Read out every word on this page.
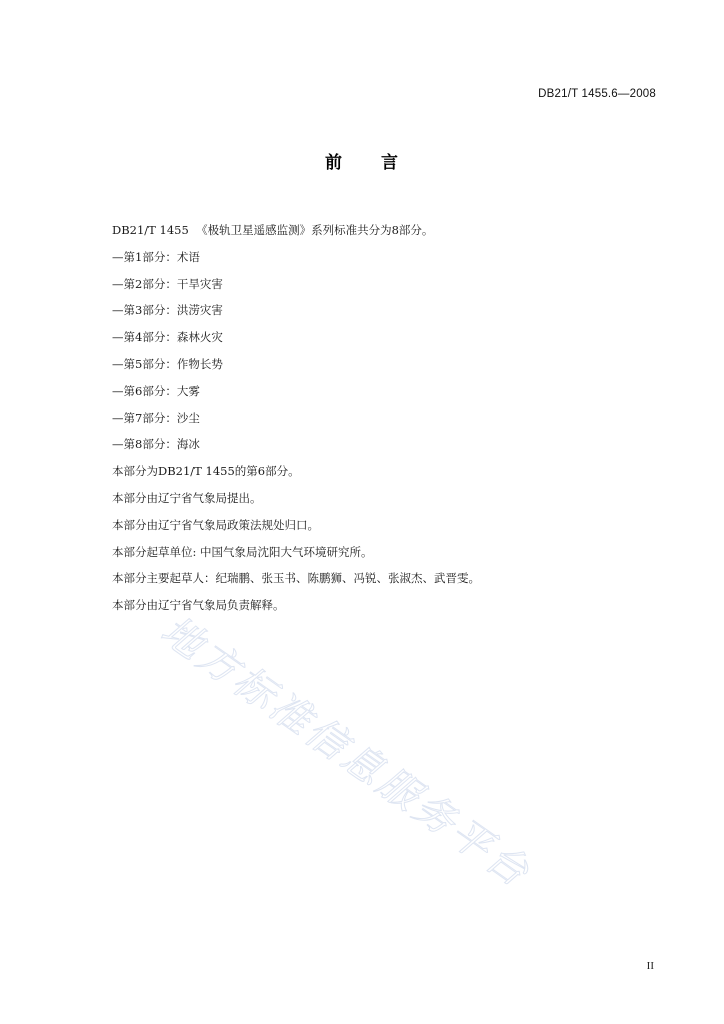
DB21/T 1455.6—2008
前 言
DB21/T 1455  《极轨卫星遥感监测》系列标准共分为8部分。
—第1部分：术语
—第2部分：干旱灾害
—第3部分：洪涝灾害
—第4部分：森林火灾
—第5部分：作物长势
—第6部分：大雾
—第7部分：沙尘
—第8部分：海冰
本部分为DB21/T 1455的第6部分。
本部分由辽宁省气象局提出。
本部分由辽宁省气象局政策法规处归口。
本部分起草单位: 中国气象局沈阳大气环境研究所。
本部分主要起草人：纪瑞鹏、张玉书、陈鹏狮、冯锐、张淑杰、武晋雯。
本部分由辽宁省气象局负责解释。
地方标准信息服务平台
II
